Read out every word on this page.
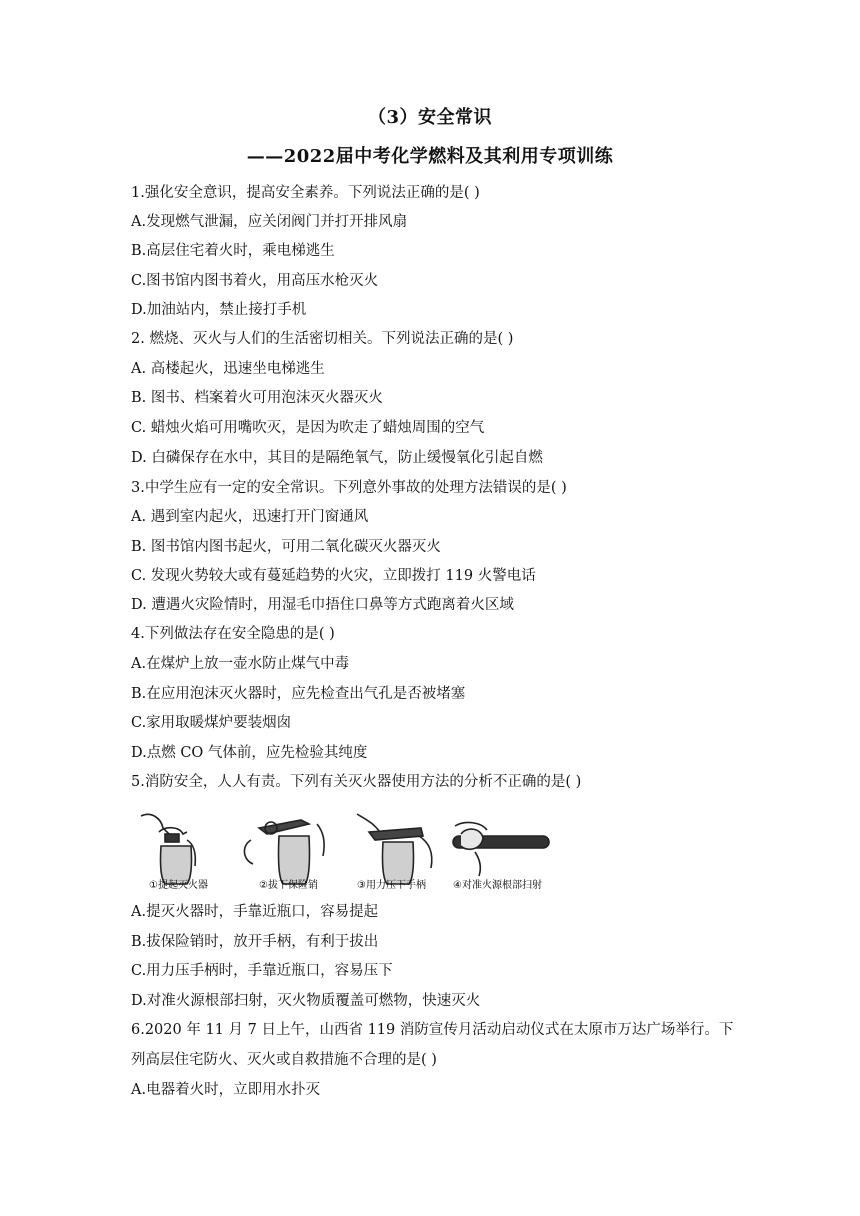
（3）安全常识
——2022届中考化学燃料及其利用专项训练
1.强化安全意识，提高安全素养。下列说法正确的是( )
A.发现燃气泄漏，应关闭阀门并打开排风扇
B.高层住宅着火时，乘电梯逃生
C.图书馆内图书着火，用高压水枪灭火
D.加油站内，禁止接打手机
2. 燃烧、灭火与人们的生活密切相关。下列说法正确的是( )
A. 高楼起火，迅速坐电梯逃生
B. 图书、档案着火可用泡沫灭火器灭火
C. 蜡烛火焰可用嘴吹灭，是因为吹走了蜡烛周围的空气
D. 白磷保存在水中，其目的是隔绝氧气，防止缓慢氧化引起自燃
3.中学生应有一定的安全常识。下列意外事故的处理方法错误的是( )
A. 遇到室内起火，迅速打开门窗通风
B. 图书馆内图书起火，可用二氧化碳灭火器灭火
C. 发现火势较大或有蔓延趋势的火灾，立即拨打 119 火警电话
D. 遭遇火灾险情时，用湿毛巾捂住口鼻等方式跑离着火区域
4.下列做法存在安全隐患的是( )
A.在煤炉上放一壶水防止煤气中毒
B.在应用泡沫灭火器时，应先检查出气孔是否被堵塞
C.家用取暖煤炉要装烟囱
D.点燃 CO 气体前，应先检验其纯度
5.消防安全，人人有责。下列有关灭火器使用方法的分析不正确的是( )
①提起灭火器	②拔下保险销	③用力压下手柄	④对准火源根部扫射
A.提灭火器时，手靠近瓶口，容易提起
B.拔保险销时，放开手柄，有利于拔出
C.用力压手柄时，手靠近瓶口，容易压下
D.对准火源根部扫射，灭火物质覆盖可燃物，快速灭火
6.2020 年 11 月 7 日上午，山西省 119 消防宣传月活动启动仪式在太原市万达广场举行。下
列高层住宅防火、灭火或自救措施不合理的是( )
A.电器着火时，立即用水扑灭
